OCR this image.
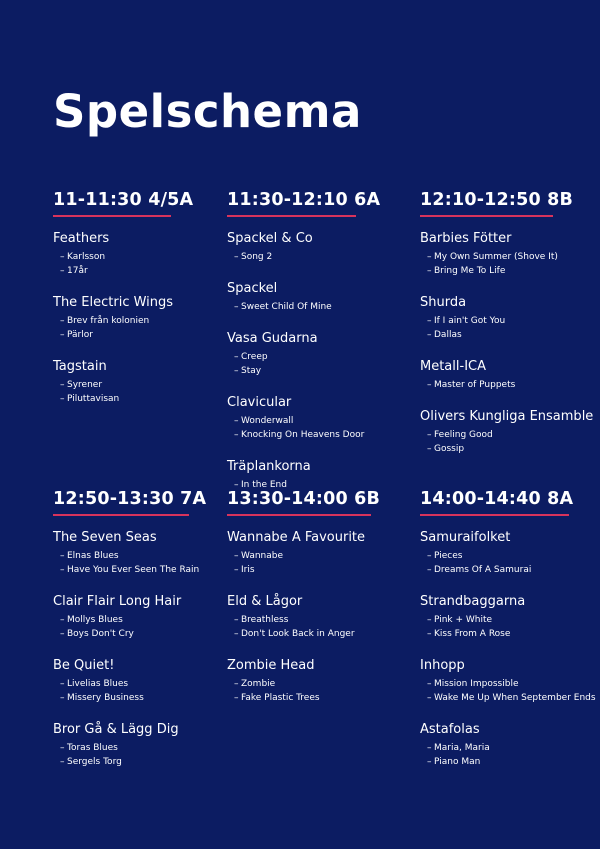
Spelschema
11-11:30 4/5A
Feathers
– Karlsson
– 17år
The Electric Wings
– Brev från kolonien
– Pärlor
Tagstain
– Syrener
– Piluttavisan
11:30-12:10 6A
Spackel & Co
– Song 2
Spackel
– Sweet Child Of Mine
Vasa Gudarna
– Creep
– Stay
Clavicular
– Wonderwall
– Knocking On Heavens Door
Träplankorna
– In the End
12:10-12:50 8B
Barbies Fötter
– My Own Summer (Shove It)
– Bring Me To Life
Shurda
– If I ain't Got You
– Dallas
Metall-ICA
– Master of Puppets
Olivers Kungliga Ensamble
– Feeling Good
– Gossip
12:50-13:30 7A
The Seven Seas
– Elnas Blues
– Have You Ever Seen The Rain
Clair Flair Long Hair
– Mollys Blues
– Boys Don't Cry
Be Quiet!
– Livelias Blues
– Missery Business
Bror Gå & Lägg Dig
– Toras Blues
– Sergels Torg
13:30-14:00 6B
Wannabe A Favourite
– Wannabe
– Iris
Eld & Lågor
– Breathless
– Don't Look Back in Anger
Zombie Head
– Zombie
– Fake Plastic Trees
14:00-14:40 8A
Samuraifolket
– Pieces
– Dreams Of A Samurai
Strandbaggarna
– Pink + White
– Kiss From A Rose
Inhopp
– Mission Impossible
– Wake Me Up When September Ends
Astafolas
– Maria, Maria
– Piano Man
